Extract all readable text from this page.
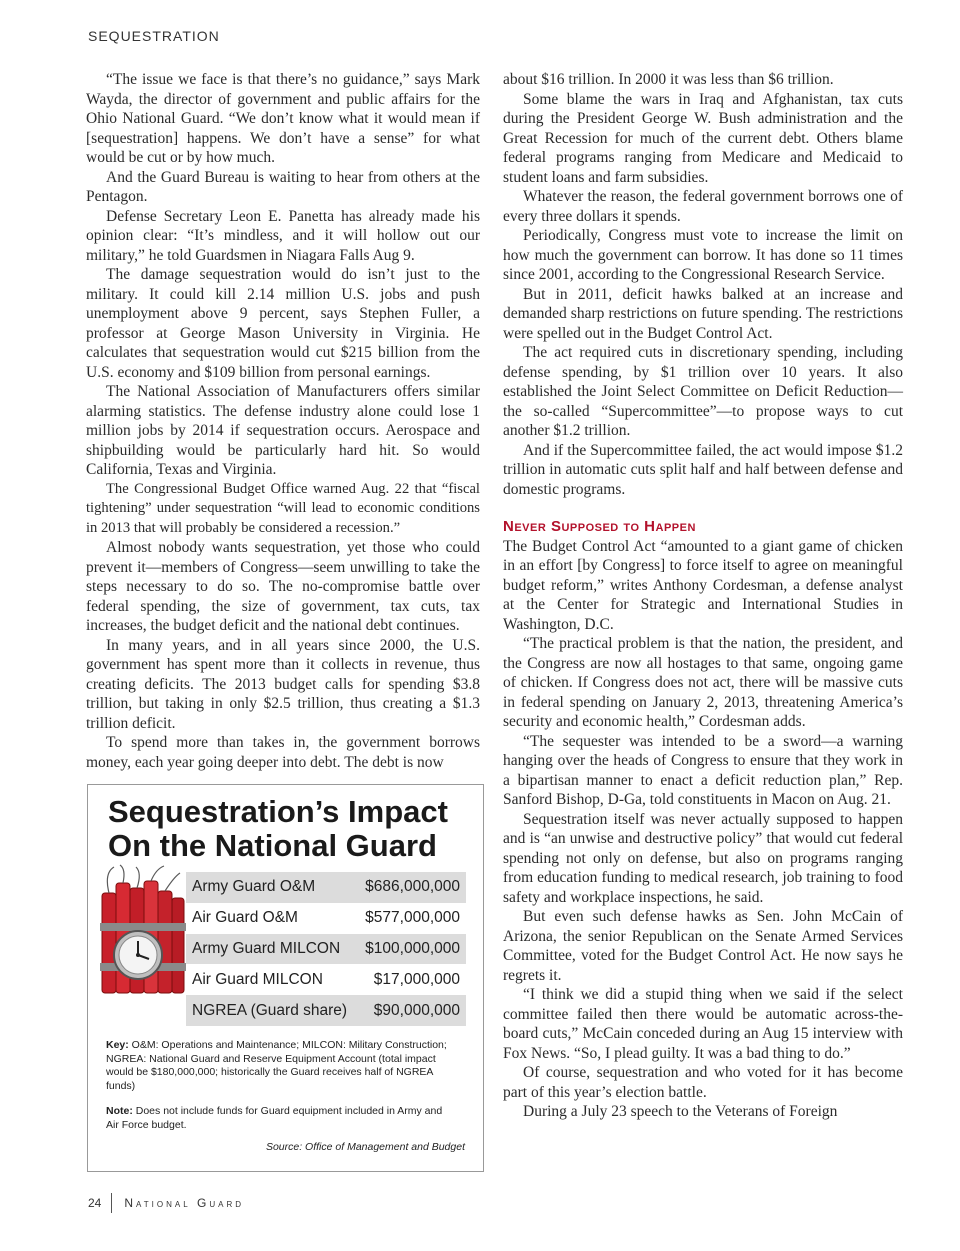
SEQUESTRATION

“The issue we face is that there’s no guidance,” says Mark Wayda, the director of government and public affairs for the Ohio National Guard. “We don’t know what it would mean if [sequestration] happens. We don’t have a sense” for what would be cut or by how much.

And the Guard Bureau is waiting to hear from others at the Pentagon.

Defense Secretary Leon E. Panetta has already made his opinion clear: “It’s mindless, and it will hollow out our military,” he told Guardsmen in Niagara Falls Aug 9.

The damage sequestration would do isn’t just to the military. It could kill 2.14 million U.S. jobs and push unemployment above 9 percent, says Stephen Fuller, a professor at George Mason University in Virginia. He calculates that sequestration would cut $215 billion from the U.S. economy and $109 billion from personal earnings.

The National Association of Manufacturers offers similar alarming statistics. The defense industry alone could lose 1 million jobs by 2014 if sequestration occurs. Aerospace and shipbuilding would be particularly hard hit. So would California, Texas and Virginia.

The Congressional Budget Office warned Aug. 22 that “fiscal tightening” under sequestration “will lead to economic conditions in 2013 that will probably be considered a recession.”

Almost nobody wants sequestration, yet those who could prevent it—members of Congress—seem unwilling to take the steps necessary to do so. The no-compromise battle over federal spending, the size of government, tax cuts, tax increases, the budget deficit and the national debt continues.

In many years, and in all years since 2000, the U.S. government has spent more than it collects in revenue, thus creating deficits. The 2013 budget calls for spending $3.8 trillion, but taking in only $2.5 trillion, thus creating a $1.3 trillion deficit.

To spend more than takes in, the government borrows money, each year going deeper into debt. The debt is now

about $16 trillion. In 2000 it was less than $6 trillion.

Some blame the wars in Iraq and Afghanistan, tax cuts during the President George W. Bush administration and the Great Recession for much of the current debt. Others blame federal programs ranging from Medicare and Medicaid to student loans and farm subsidies.

Whatever the reason, the federal government borrows one of every three dollars it spends.

Periodically, Congress must vote to increase the limit on how much the government can borrow. It has done so 11 times since 2001, according to the Congressional Research Service.

But in 2011, deficit hawks balked at an increase and demanded sharp restrictions on future spending. The restrictions were spelled out in the Budget Control Act.

The act required cuts in discretionary spending, including defense spending, by $1 trillion over 10 years. It also established the Joint Select Committee on Deficit Reduction—the so-called “Supercommittee”—to propose ways to cut another $1.2 trillion.

And if the Supercommittee failed, the act would impose $1.2 trillion in automatic cuts split half and half between defense and domestic programs.

Never Supposed to Happen

The Budget Control Act “amounted to a giant game of chicken in an effort [by Congress] to force itself to agree on meaningful budget reform,” writes Anthony Cordesman, a defense analyst at the Center for Strategic and International Studies in Washington, D.C.

“The practical problem is that the nation, the president, and the Congress are now all hostages to that same, ongoing game of chicken. If Congress does not act, there will be massive cuts in federal spending on January 2, 2013, threatening America’s security and economic health,” Cordesman adds.

“The sequester was intended to be a sword—a warning hanging over the heads of Congress to ensure that they work in a bipartisan manner to enact a deficit reduction plan,” Rep. Sanford Bishop, D-Ga, told constituents in Macon on Aug. 21.

Sequestration itself was never actually supposed to happen and is “an unwise and destructive policy” that would cut federal spending not only on defense, but also on programs ranging from education funding to medical research, job training to food safety and workplace inspections, he said.

But even such defense hawks as Sen. John McCain of Arizona, the senior Republican on the Senate Armed Services Committee, voted for the Budget Control Act. He now says he regrets it.

“I think we did a stupid thing when we said if the select committee failed then there would be automatic across-the-board cuts,” McCain conceded during an Aug 15 interview with Fox News. “So, I plead guilty. It was a bad thing to do.”

Of course, sequestration and who voted for it has become part of this year’s election battle.

During a July 23 speech to the Veterans of Foreign

Sequestration’s Impact On the National Guard
Army Guard O&M	$686,000,000
Air Guard O&M	$577,000,000
Army Guard MILCON	$100,000,000
Air Guard MILCON	$17,000,000
NGREA (Guard share)	$90,000,000
Key: O&M: Operations and Maintenance; MILCON: Military Construction; NGREA: National Guard and Reserve Equipment Account (total impact would be $180,000,000; historically the Guard receives half of NGREA funds)
Note: Does not include funds for Guard equipment included in Army and Air Force budget.
Source: Office of Management and Budget
24 National Guard
